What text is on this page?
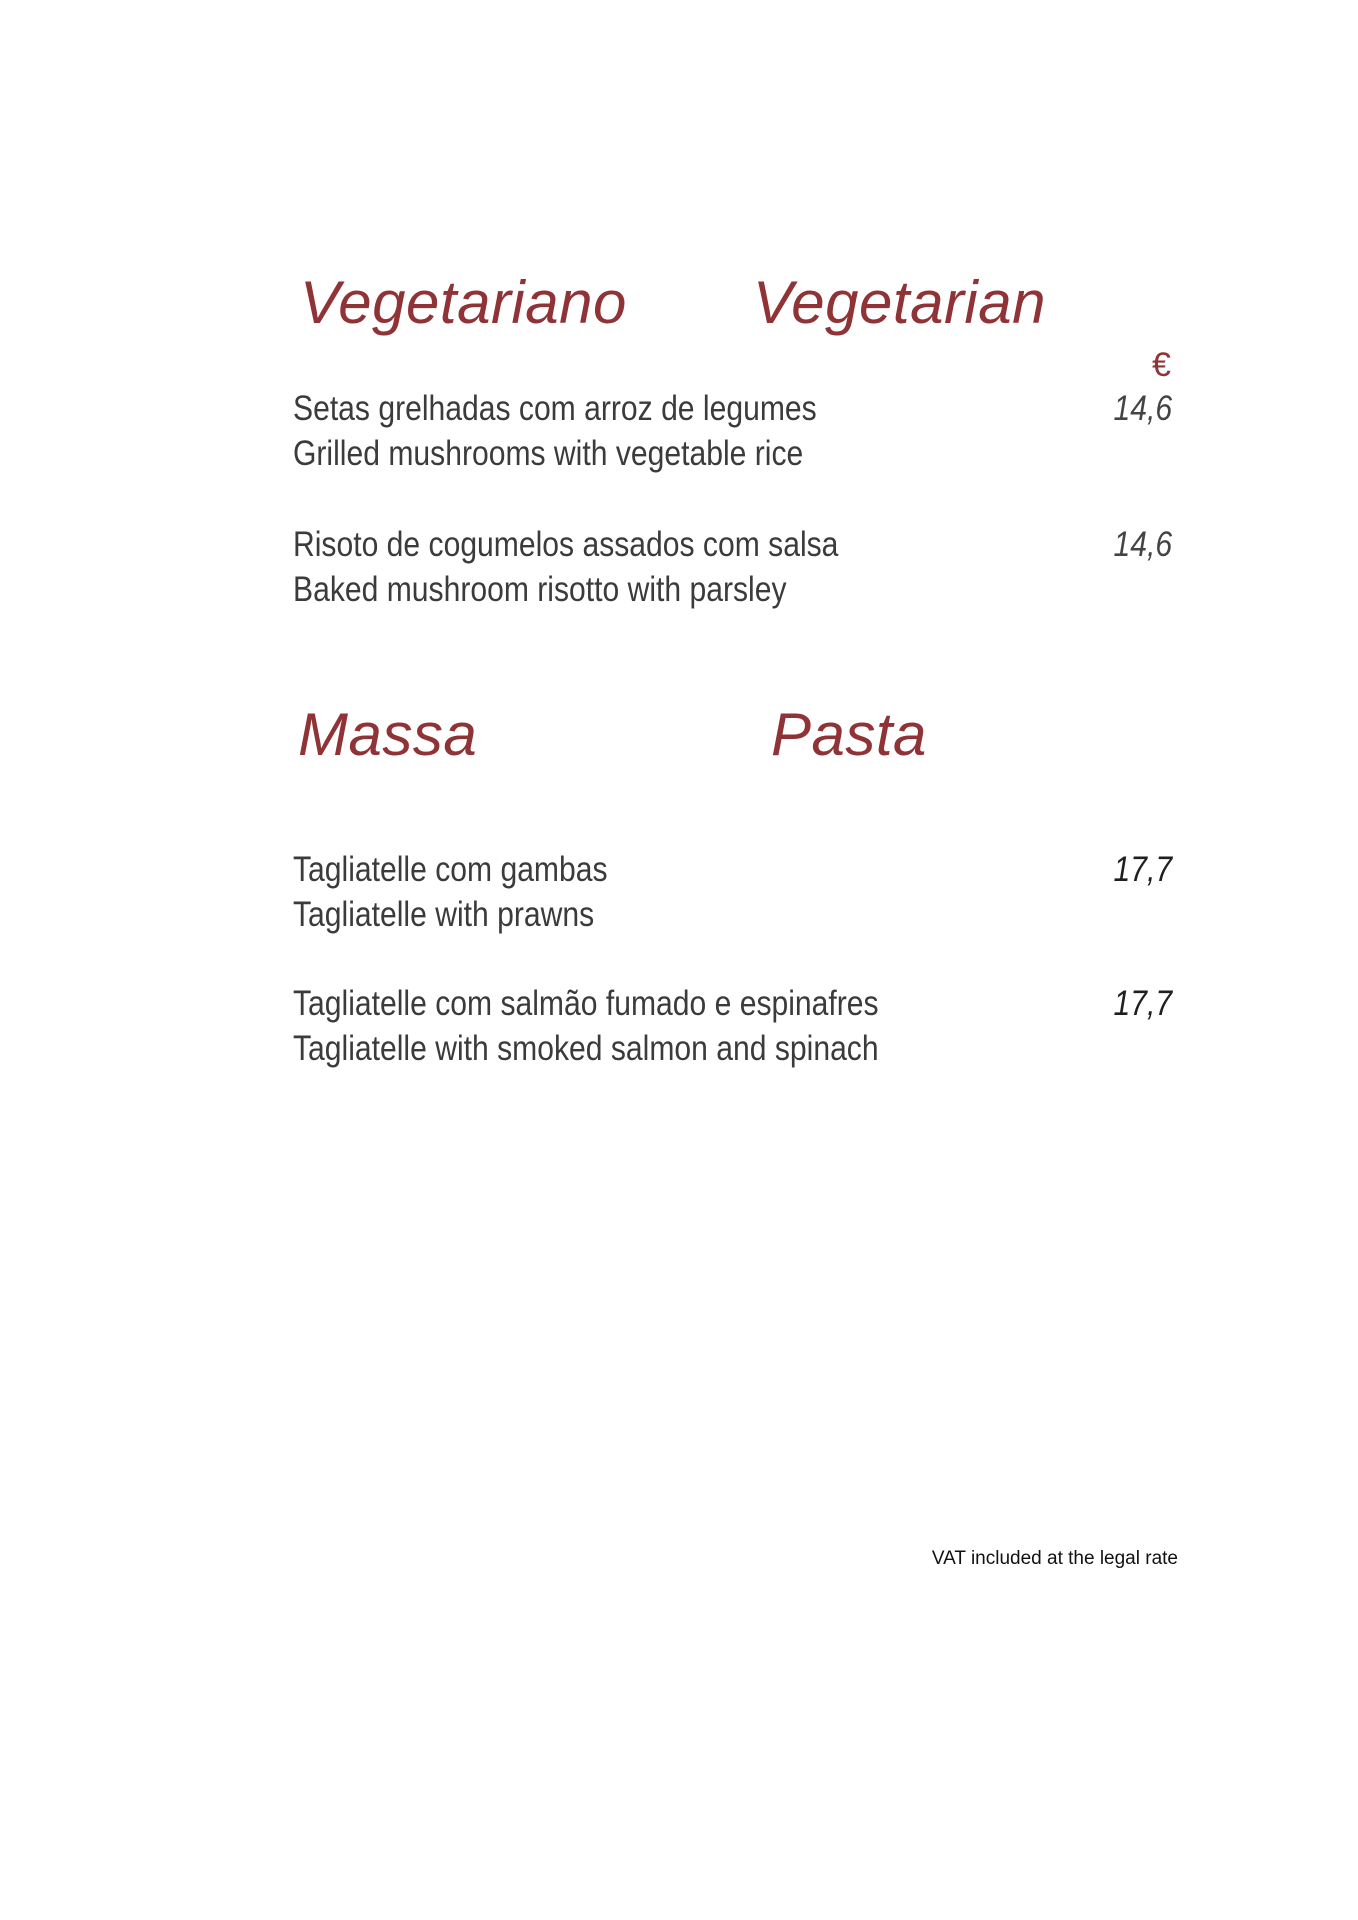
Vegetariano Vegetarian
€
Setas grelhadas com arroz de legumes	14,6
Grilled mushrooms with vegetable rice
Risoto de cogumelos assados com salsa	14,6
Baked mushroom risotto with parsley
Massa	Pasta
Tagliatelle com gambas	17,7
Tagliatelle with prawns
Tagliatelle com salmão fumado e espinafres	17,7
Tagliatelle with smoked salmon and spinach
VAT included at the legal rate
